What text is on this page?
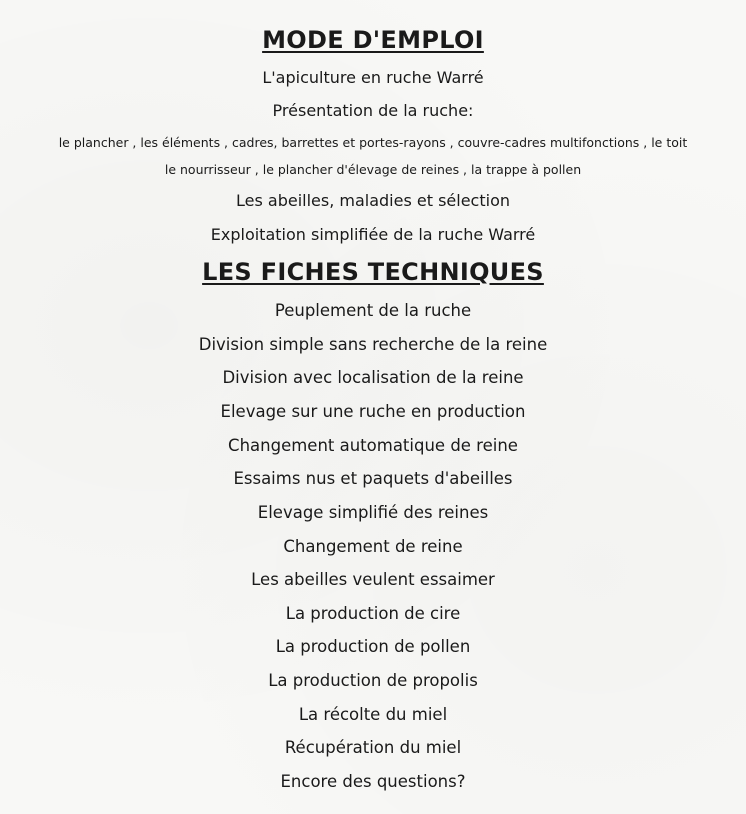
MODE D'EMPLOI
L'apiculture en ruche Warré
Présentation de la ruche:
le plancher , les éléments , cadres, barrettes et portes-rayons , couvre-cadres multifonctions , le toit
le nourrisseur , le plancher d'élevage de reines , la trappe à pollen
Les abeilles, maladies et sélection
Exploitation simplifiée de la ruche Warré
LES FICHES TECHNIQUES
Peuplement de la ruche
Division simple sans recherche de la reine
Division avec localisation de la reine
Elevage sur une ruche en production
Changement automatique de reine
Essaims nus et paquets d'abeilles
Elevage simplifié des reines
Changement de reine
Les abeilles veulent essaimer
La production de cire
La production de pollen
La production de propolis
La récolte du miel
Récupération du miel
Encore des questions?
